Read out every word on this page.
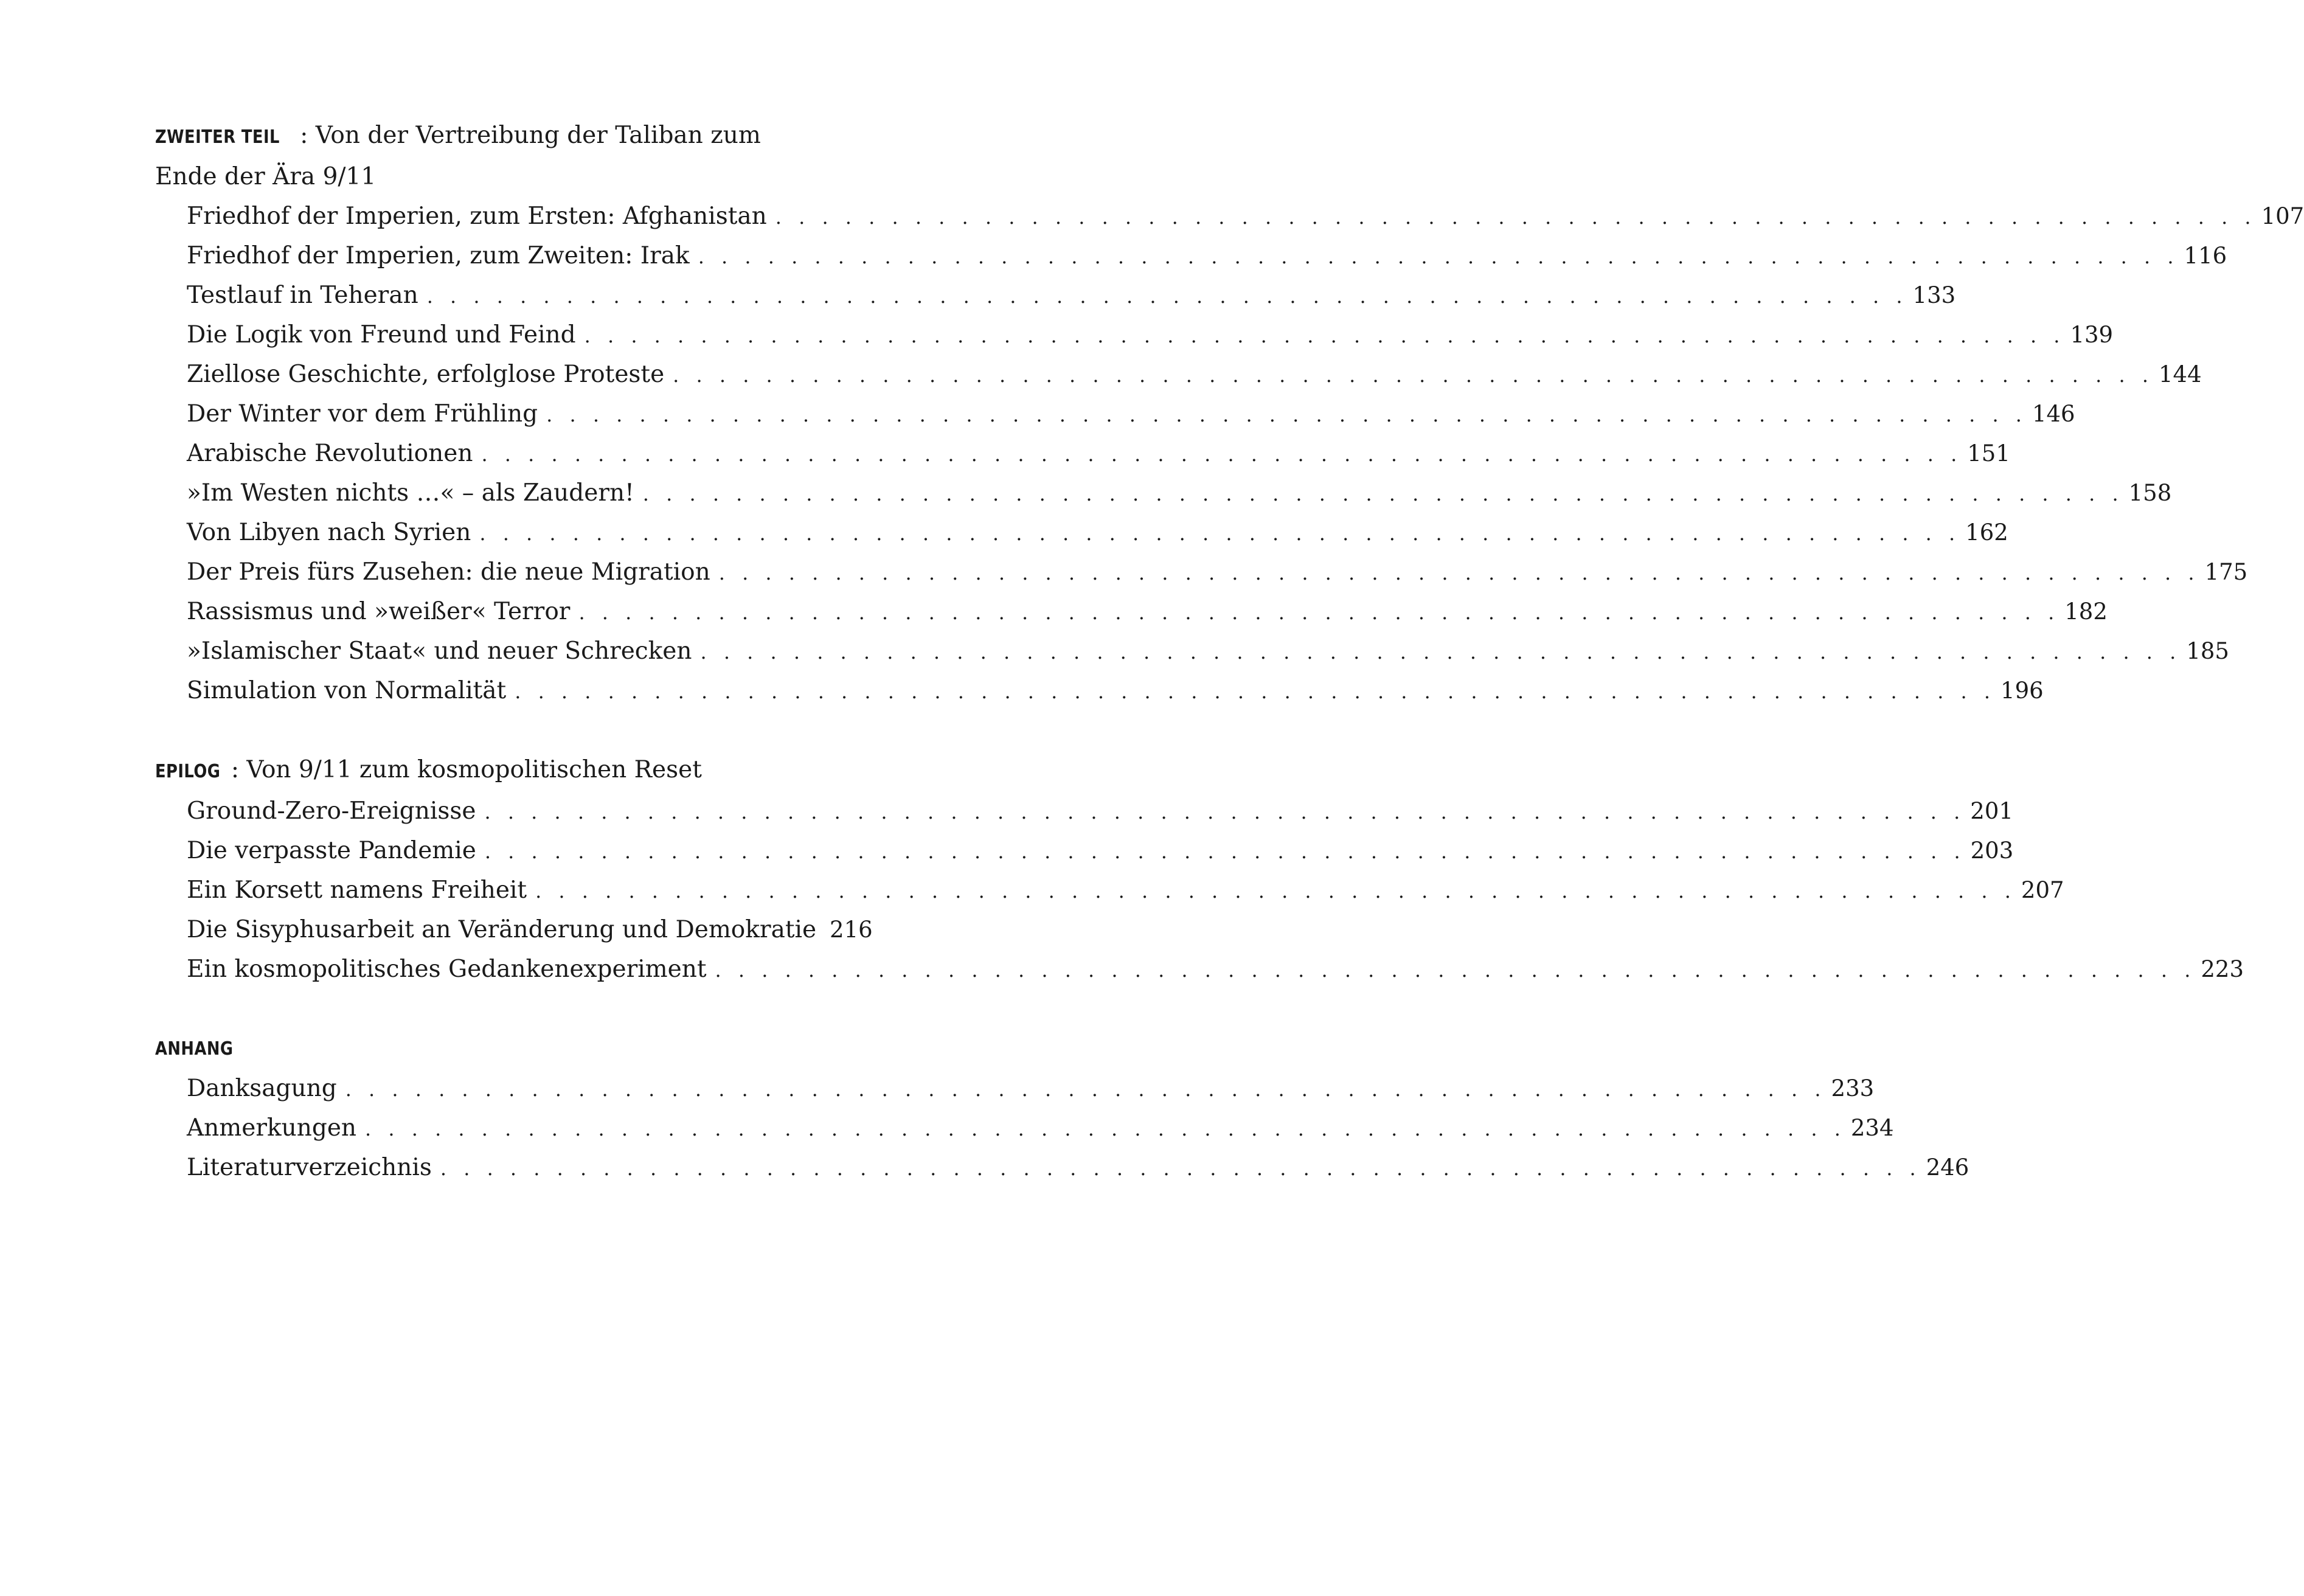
ZWEITER TEIL : Von der Vertreibung der Taliban zum

Ende der Ära 9/11

Friedhof der Imperien, zum Ersten: Afghanistan . . . . . . . . . . . . . . . . . . . . . . . . . . . . . . . . . . . . . . . . . . . . . . . . . . . . . . . . . . . . . . . . 107
Friedhof der Imperien, zum Zweiten: Irak . . . . . . . . . . . . . . . . . . . . . . . . . . . . . . . . . . . . . . . . . . . . . . . . . . . . . . . . . . . . . . . . 116
Testlauf in Teheran . . . . . . . . . . . . . . . . . . . . . . . . . . . . . . . . . . . . . . . . . . . . . . . . . . . . . . . . . . . . . . . . 133
Die Logik von Freund und Feind . . . . . . . . . . . . . . . . . . . . . . . . . . . . . . . . . . . . . . . . . . . . . . . . . . . . . . . . . . . . . . . . 139
Ziellose Geschichte, erfolglose Proteste . . . . . . . . . . . . . . . . . . . . . . . . . . . . . . . . . . . . . . . . . . . . . . . . . . . . . . . . . . . . . . . . 144
Der Winter vor dem Frühling . . . . . . . . . . . . . . . . . . . . . . . . . . . . . . . . . . . . . . . . . . . . . . . . . . . . . . . . . . . . . . . . 146
Arabische Revolutionen . . . . . . . . . . . . . . . . . . . . . . . . . . . . . . . . . . . . . . . . . . . . . . . . . . . . . . . . . . . . . . . . 151
»Im Westen nichts …« – als Zaudern! . . . . . . . . . . . . . . . . . . . . . . . . . . . . . . . . . . . . . . . . . . . . . . . . . . . . . . . . . . . . . . . . 158
Von Libyen nach Syrien . . . . . . . . . . . . . . . . . . . . . . . . . . . . . . . . . . . . . . . . . . . . . . . . . . . . . . . . . . . . . . . . 162
Der Preis fürs Zusehen: die neue Migration . . . . . . . . . . . . . . . . . . . . . . . . . . . . . . . . . . . . . . . . . . . . . . . . . . . . . . . . . . . . . . . . 175
Rassismus und »weißer« Terror . . . . . . . . . . . . . . . . . . . . . . . . . . . . . . . . . . . . . . . . . . . . . . . . . . . . . . . . . . . . . . . . 182
»Islamischer Staat« und neuer Schrecken . . . . . . . . . . . . . . . . . . . . . . . . . . . . . . . . . . . . . . . . . . . . . . . . . . . . . . . . . . . . . . . . 185
Simulation von Normalität . . . . . . . . . . . . . . . . . . . . . . . . . . . . . . . . . . . . . . . . . . . . . . . . . . . . . . . . . . . . . . . . 196

EPILOG : Von 9/11 zum kosmopolitischen Reset

Ground-Zero-Ereignisse . . . . . . . . . . . . . . . . . . . . . . . . . . . . . . . . . . . . . . . . . . . . . . . . . . . . . . . . . . . . . . . . 201
Die verpasste Pandemie . . . . . . . . . . . . . . . . . . . . . . . . . . . . . . . . . . . . . . . . . . . . . . . . . . . . . . . . . . . . . . . . 203
Ein Korsett namens Freiheit . . . . . . . . . . . . . . . . . . . . . . . . . . . . . . . . . . . . . . . . . . . . . . . . . . . . . . . . . . . . . . . . 207
Die Sisyphusarbeit an Veränderung und Demokratie 216
Ein kosmopolitisches Gedankenexperiment . . . . . . . . . . . . . . . . . . . . . . . . . . . . . . . . . . . . . . . . . . . . . . . . . . . . . . . . . . . . . . . . 223

ANHANG

Danksagung . . . . . . . . . . . . . . . . . . . . . . . . . . . . . . . . . . . . . . . . . . . . . . . . . . . . . . . . . . . . . . . . 233
Anmerkungen . . . . . . . . . . . . . . . . . . . . . . . . . . . . . . . . . . . . . . . . . . . . . . . . . . . . . . . . . . . . . . . . 234
Literaturverzeichnis . . . . . . . . . . . . . . . . . . . . . . . . . . . . . . . . . . . . . . . . . . . . . . . . . . . . . . . . . . . . . . . . 246
